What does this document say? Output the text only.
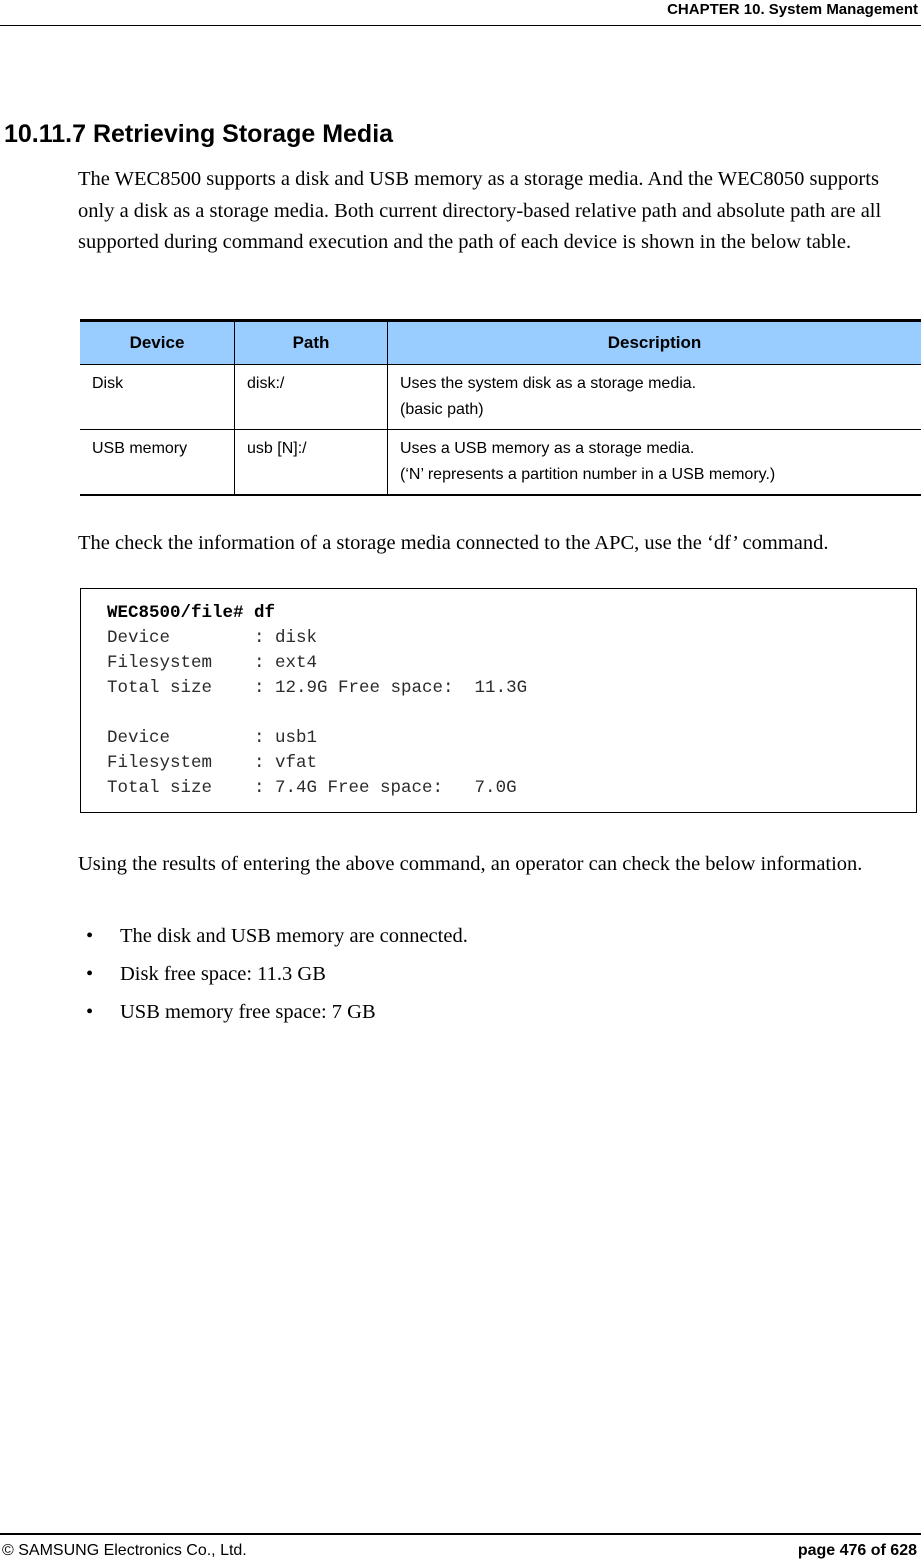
CHAPTER 10. System Management
10.11.7 Retrieving Storage Media

The WEC8500 supports a disk and USB memory as a storage media. And the WEC8050 supports only a disk as a storage media. Both current directory-based relative path and absolute path are all supported during command execution and the path of each device is shown in the below table.

Device	Path	Description
Disk	disk:/	Uses the system disk as a storage media.
(basic path)

USB memory	usb [N]:/	Uses a USB memory as a storage media.
(‘N’ represents a partition number in a USB memory.)

The check the information of a storage media connected to the APC, use the ‘df’ command.

WEC8500/file# df
Device        : disk
Filesystem    : ext4
Total size    : 12.9G Free space:  11.3G
Device        : usb1
Filesystem    : vfat
Total size    : 7.4G Free space:   7.0G

Using the results of entering the above command, an operator can check the below information.

• The disk and USB memory are connected.
• Disk free space: 11.3 GB
• USB memory free space: 7 GB
© SAMSUNG Electronics Co., Ltd.	page 476 of 628
